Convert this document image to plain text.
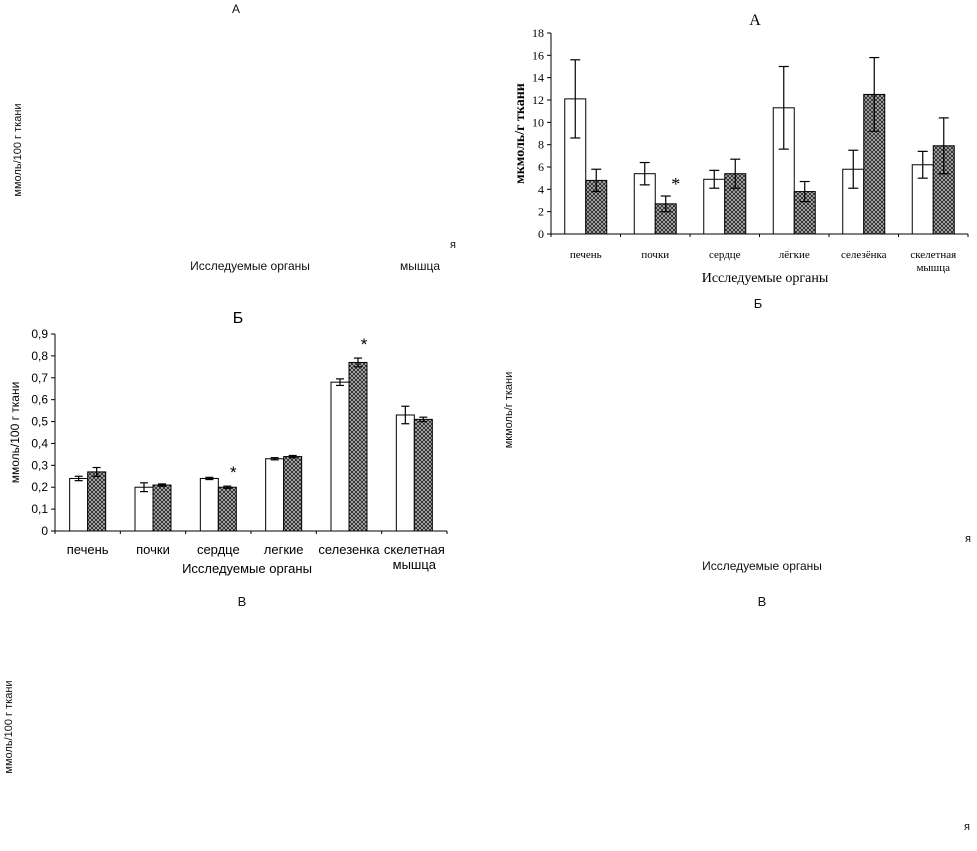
А
ммоль/100 г ткани
я
Исследуемые органы	мышца
Б
мкмоль/г ткани
я
Исследуемые органы
В	В
ммоль/100 г ткани
я
А
мкмоль/г ткани
Исследуемые органы
0
2
4
6
8
10
12
14
16
18
печень	почки	сердце	лёгкие	селезёнка скелетная
мышца
*
Б
ммоль/100 г ткани
Исследуемые органы
0
0,1
0,2
0,3
0,4
0,5
0,6
0,7
0,8
0,9
печень почки сердце легкие селезенка скелетная
мышца
*
*
